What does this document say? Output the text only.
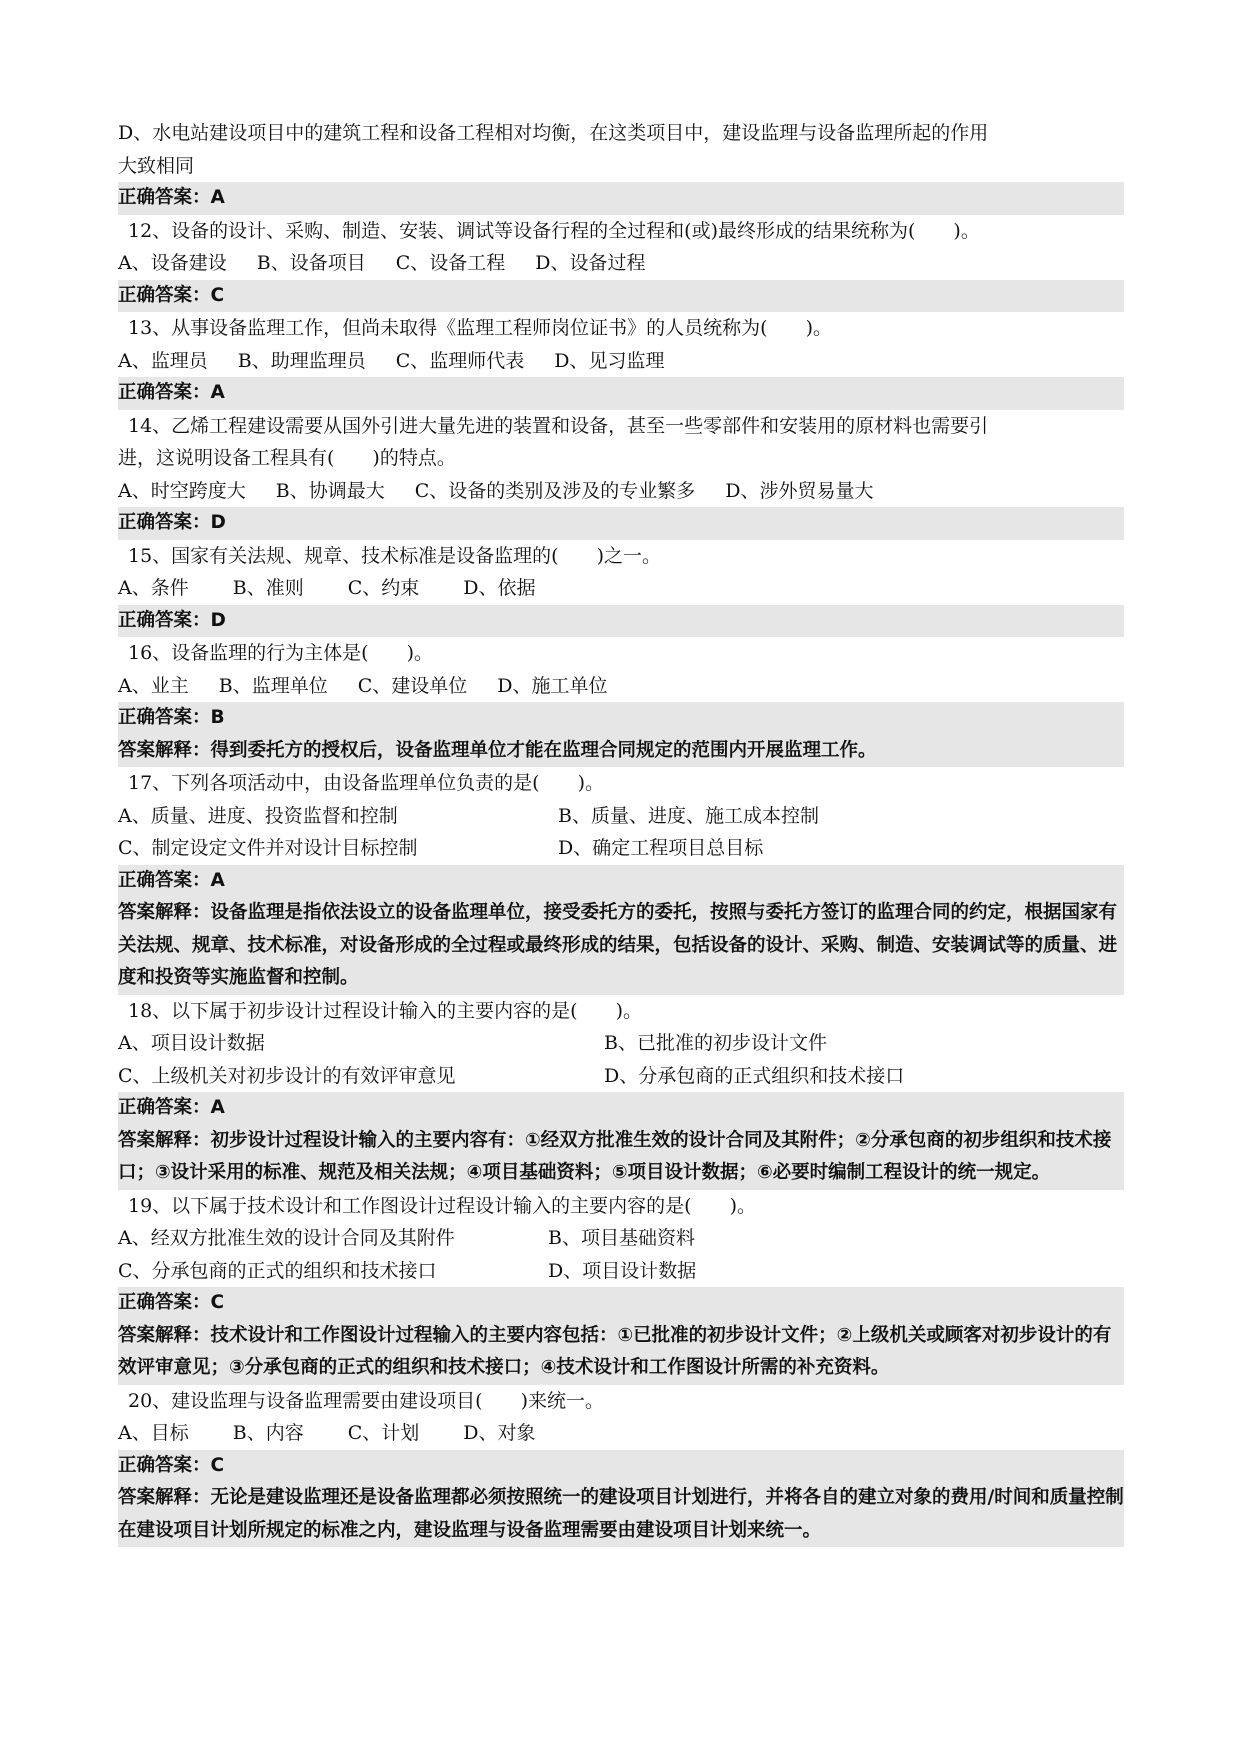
D、水电站建设项目中的建筑工程和设备工程相对均衡，在这类项目中，建设监理与设备监理所起的作用
大致相同
正确答案：A
12、设备的设计、采购、制造、安装、调试等设备行程的全过程和(或)最终形成的结果统称为(　　)。
A、设备建设 B、设备项目 C、设备工程 D、设备过程
正确答案：C
13、从事设备监理工作，但尚未取得《监理工程师岗位证书》的人员统称为(　　)。
A、监理员 B、助理监理员 C、监理师代表 D、见习监理
正确答案：A
14、乙烯工程建设需要从国外引进大量先进的装置和设备，甚至一些零部件和安装用的原材料也需要引
进，这说明设备工程具有(　　)的特点。
A、时空跨度大 B、协调最大 C、设备的类别及涉及的专业繁多 D、涉外贸易量大
正确答案：D
15、国家有关法规、规章、技术标准是设备监理的(　　)之一。
A、条件 B、准则 C、约束 D、依据
正确答案：D
16、设备监理的行为主体是(　　)。
A、业主 B、监理单位 C、建设单位 D、施工单位
正确答案：B
答案解释：得到委托方的授权后，设备监理单位才能在监理合同规定的范围内开展监理工作。
17、下列各项活动中，由设备监理单位负责的是(　　)。
A、质量、进度、投资监督和控制	B、质量、进度、施工成本控制
C、制定设定文件并对设计目标控制	D、确定工程项目总目标
正确答案：A
答案解释：设备监理是指依法设立的设备监理单位，接受委托方的委托，按照与委托方签订的监理合同的约定，根据国家有关法规、规章、技术标准，对设备形成的全过程或最终形成的结果，包括设备的设计、采购、制造、安装调试等的质量、进度和投资等实施监督和控制。
18、以下属于初步设计过程设计输入的主要内容的是(　　)。
A、项目设计数据	B、已批准的初步设计文件
C、上级机关对初步设计的有效评审意见	D、分承包商的正式组织和技术接口
正确答案：A
答案解释：初步设计过程设计输入的主要内容有：①经双方批准生效的设计合同及其附件；②分承包商的初步组织和技术接口；③设计采用的标准、规范及相关法规；④项目基础资料；⑤项目设计数据；⑥必要时编制工程设计的统一规定。
19、以下属于技术设计和工作图设计过程设计输入的主要内容的是(　　)。
A、经双方批准生效的设计合同及其附件	B、项目基础资料
C、分承包商的正式的组织和技术接口	D、项目设计数据
正确答案：C
答案解释：技术设计和工作图设计过程输入的主要内容包括：①已批准的初步设计文件；②上级机关或顾客对初步设计的有效评审意见；③分承包商的正式的组织和技术接口；④技术设计和工作图设计所需的补充资料。
20、建设监理与设备监理需要由建设项目(　　)来统一。
A、目标 B、内容 C、计划 D、对象
正确答案：C
答案解释：无论是建设监理还是设备监理都必须按照统一的建设项目计划进行，并将各自的建立对象的费用/时间和质量控制在建设项目计划所规定的标准之内，建设监理与设备监理需要由建设项目计划来统一。
